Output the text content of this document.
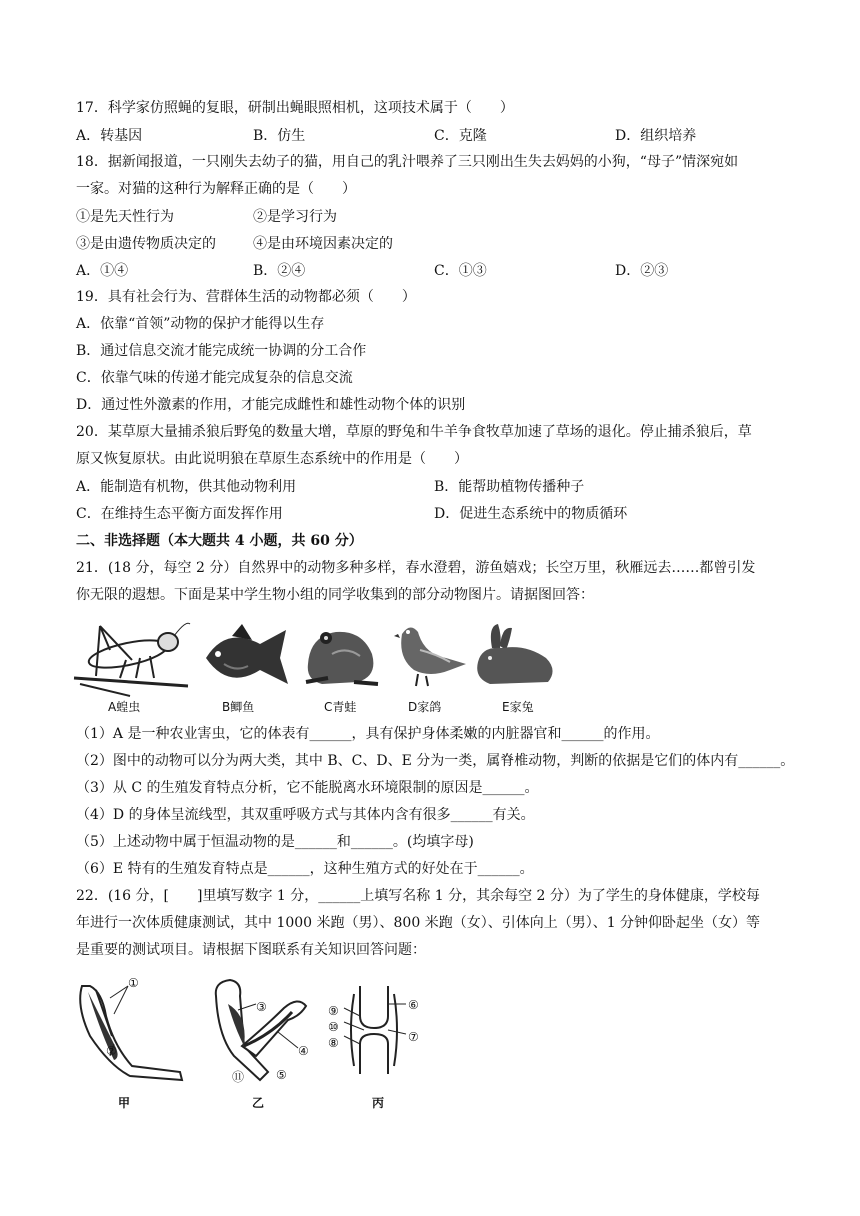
17．科学家仿照蝇的复眼，研制出蝇眼照相机，这项技术属于（　　）
A．转基因	B．仿生	C．克隆	D．组织培养
18．据新闻报道，一只刚失去幼子的猫，用自己的乳汁喂养了三只刚出生失去妈妈的小狗，“母子”情深宛如
一家。对猫的这种行为解释正确的是（　　）
①是先天性行为	②是学习行为
③是由遗传物质决定的	④是由环境因素决定的
A．①④	B．②④	C．①③	D．②③
19．具有社会行为、营群体生活的动物都必须（　　）
A．依靠“首领”动物的保护才能得以生存
B．通过信息交流才能完成统一协调的分工合作
C．依靠气味的传递才能完成复杂的信息交流
D．通过性外激素的作用，才能完成雌性和雄性动物个体的识别
20．某草原大量捕杀狼后野兔的数量大增，草原的野兔和牛羊争食牧草加速了草场的退化。停止捕杀狼后，草
原又恢复原状。由此说明狼在草原生态系统中的作用是（　　）
A．能制造有机物，供其他动物利用	B．能帮助植物传播种子
C．在维持生态平衡方面发挥作用	D．促进生态系统中的物质循环
二、非选择题（本大题共 4 小题，共 60 分）
21．(18 分，每空 2 分）自然界中的动物多种多样，春水澄碧，游鱼嬉戏；长空万里，秋雁远去……都曾引发
你无限的遐想。下面是某中学生物小组的同学收集到的部分动物图片。请据图回答：
A蝗虫	B鲫鱼	C青蛙	D家鸽	E家兔
（1）A 是一种农业害虫，它的体表有______，具有保护身体柔嫩的内脏器官和______的作用。
（2）图中的动物可以分为两大类，其中 B、C、D、E 分为一类，属脊椎动物，判断的依据是它们的体内有______。
（3）从 C 的生殖发育特点分析，它不能脱离水环境限制的原因是______。
（4）D 的身体呈流线型，其双重呼吸方式与其体内含有很多______有关。
（5）上述动物中属于恒温动物的是______和______。(均填字母)
（6）E 特有的生殖发育特点是______，这种生殖方式的好处在于______。
22．(16 分，[　　]里填写数字 1 分，______上填写名称 1 分，其余每空 2 分）为了学生的身体健康，学校每
年进行一次体质健康测试，其中 1000 米跑（男）、800 米跑（女）、引体向上（男）、1 分钟仰卧起坐（女）等
是重要的测试项目。请根据下图联系有关知识回答问题：
①
②
③
④
⑤
⑪
⑨
⑩
⑧
⑥
⑦
甲	乙	丙
